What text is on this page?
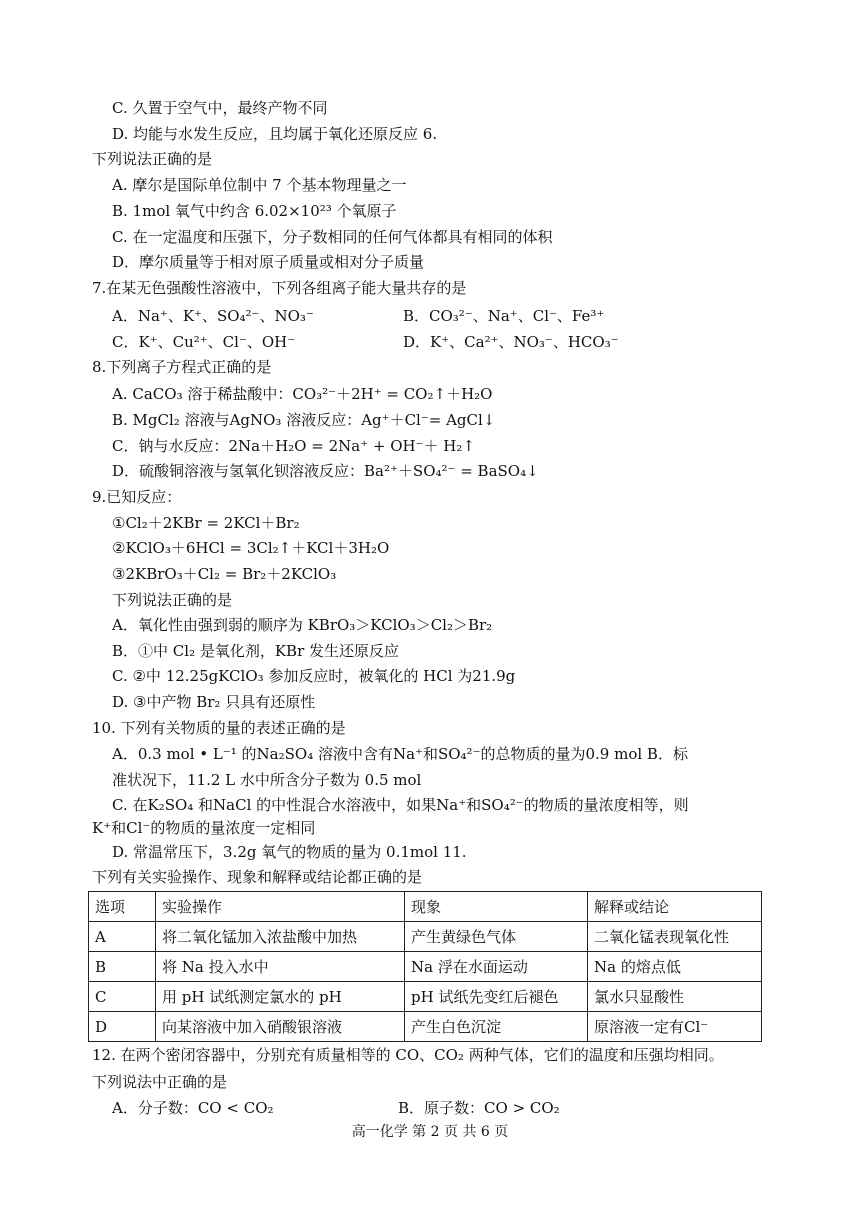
C. 久置于空气中，最终产物不同
D. 均能与水发生反应，且均属于氧化还原反应 6.
下列说法正确的是
A. 摩尔是国际单位制中 7 个基本物理量之一
B. 1mol 氧气中约含 6.02×10²³ 个氧原子
C. 在一定温度和压强下，分子数相同的任何气体都具有相同的体积
D．摩尔质量等于相对原子质量或相对分子质量
7.在某无色强酸性溶液中，下列各组离子能大量共存的是
A．Na⁺、K⁺、SO₄²⁻、NO₃⁻	B．CO₃²⁻、Na⁺、Cl⁻、Fe³⁺
C．K⁺、Cu²⁺、Cl⁻、OH⁻	D．K⁺、Ca²⁺、NO₃⁻、HCO₃⁻
8.下列离子方程式正确的是
A. CaCO₃ 溶于稀盐酸中：CO₃²⁻＋2H⁺ = CO₂↑＋H₂O
B. MgCl₂ 溶液与AgNO₃ 溶液反应：Ag⁺＋Cl⁻= AgCl↓
C．钠与水反应：2Na＋H₂O = 2Na⁺ + OH⁻＋ H₂↑
D．硫酸铜溶液与氢氧化钡溶液反应：Ba²⁺＋SO₄²⁻ = BaSO₄↓
9.已知反应：
①Cl₂＋2KBr = 2KCl＋Br₂
②KClO₃＋6HCl = 3Cl₂↑＋KCl＋3H₂O
③2KBrO₃＋Cl₂ = Br₂＋2KClO₃
下列说法正确的是
A．氧化性由强到弱的顺序为 KBrO₃＞KClO₃＞Cl₂＞Br₂
B．①中 Cl₂ 是氧化剂，KBr 发生还原反应
C. ②中 12.25gKClO₃ 参加反应时，被氧化的 HCl 为21.9g
D. ③中产物 Br₂ 只具有还原性
10. 下列有关物质的量的表述正确的是
A．0.3 mol • L⁻¹ 的Na₂SO₄ 溶液中含有Na⁺和SO₄²⁻的总物质的量为0.9 mol B．标
准状况下，11.2 L 水中所含分子数为 0.5 mol
C. 在K₂SO₄ 和NaCl 的中性混合水溶液中，如果Na⁺和SO₄²⁻的物质的量浓度相等，则
K⁺和Cl⁻的物质的量浓度一定相同
D. 常温常压下，3.2g 氧气的物质的量为 0.1mol 11.
下列有关实验操作、现象和解释或结论都正确的是
选项	实验操作	现象	解释或结论
A	将二氧化锰加入浓盐酸中加热	产生黄绿色气体	二氧化锰表现氧化性
B	将 Na 投入水中	Na 浮在水面运动	Na 的熔点低
C	用 pH 试纸测定氯水的 pH	pH 试纸先变红后褪色	氯水只显酸性
D	向某溶液中加入硝酸银溶液	产生白色沉淀	原溶液一定有Cl⁻
12. 在两个密闭容器中，分别充有质量相等的 CO、CO₂ 两种气体，它们的温度和压强均相同。
下列说法中正确的是
A．分子数：CO < CO₂	B．原子数：CO > CO₂
高一化学 第 2 页 共 6 页
